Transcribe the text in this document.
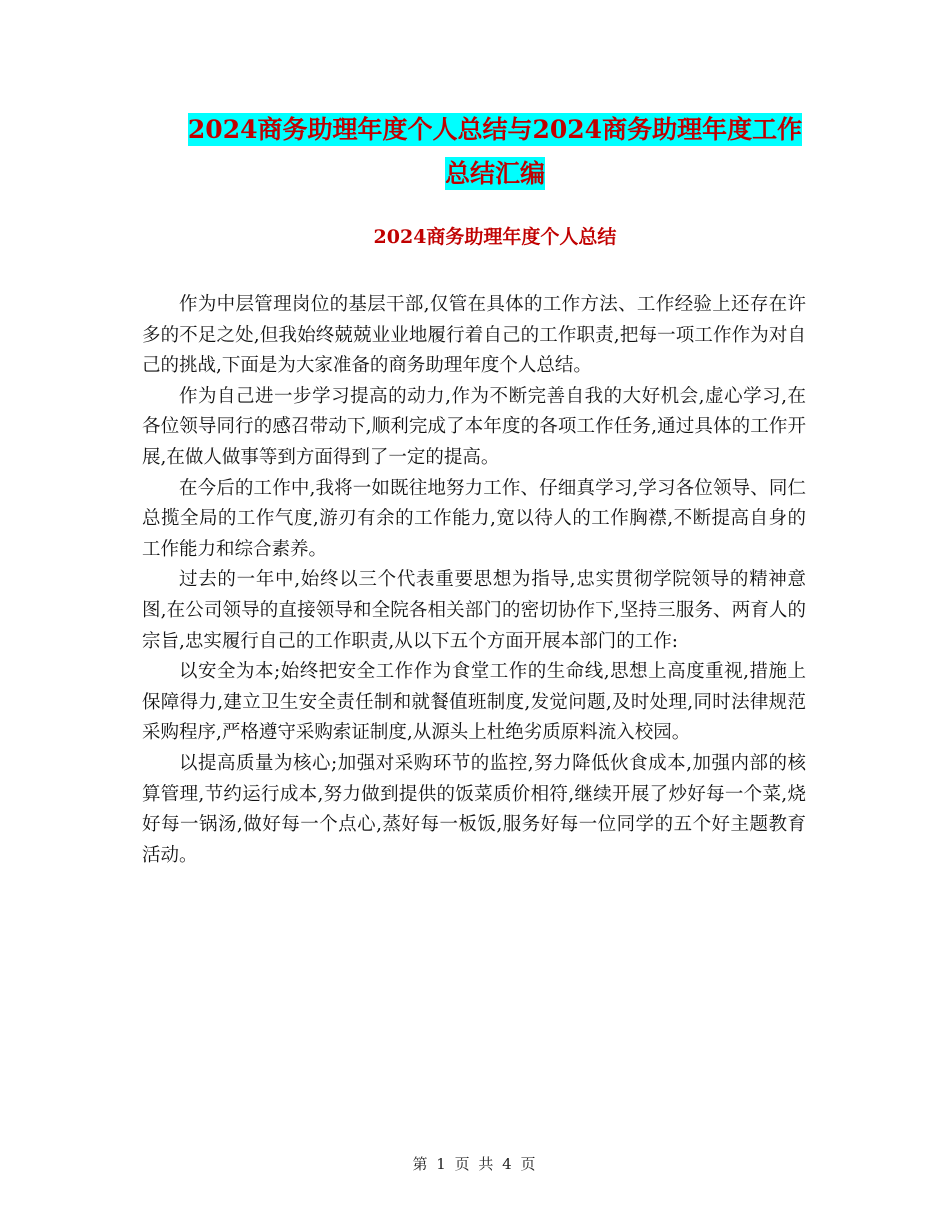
2024商务助理年度个人总结与2024商务助理年度工作
总结汇编
2024商务助理年度个人总结

作为中层管理岗位的基层干部,仅管在具体的工作方法、工作经验上还存在许多的不足之处,但我始终兢兢业业地履行着自己的工作职责,把每一项工作作为对自己的挑战,下面是为大家准备的商务助理年度个人总结。

作为自己进一步学习提高的动力,作为不断完善自我的大好机会,虚心学习,在各位领导同行的感召带动下,顺利完成了本年度的各项工作任务,通过具体的工作开展,在做人做事等到方面得到了一定的提高。

在今后的工作中,我将一如既往地努力工作、仔细真学习,学习各位领导、同仁总揽全局的工作气度,游刃有余的工作能力,宽以待人的工作胸襟,不断提高自身的工作能力和综合素养。

过去的一年中,始终以三个代表重要思想为指导,忠实贯彻学院领导的精神意图,在公司领导的直接领导和全院各相关部门的密切协作下,坚持三服务、两育人的宗旨,忠实履行自己的工作职责,从以下五个方面开展本部门的工作:

以安全为本;始终把安全工作作为食堂工作的生命线,思想上高度重视,措施上保障得力,建立卫生安全责任制和就餐值班制度,发觉问题,及时处理,同时法律规范采购程序,严格遵守采购索证制度,从源头上杜绝劣质原料流入校园。

以提高质量为核心;加强对采购环节的监控,努力降低伙食成本,加强内部的核算管理,节约运行成本,努力做到提供的饭菜质价相符,继续开展了炒好每一个菜,烧好每一锅汤,做好每一个点心,蒸好每一板饭,服务好每一位同学的五个好主题教育活动。

第 1 页 共 4 页
